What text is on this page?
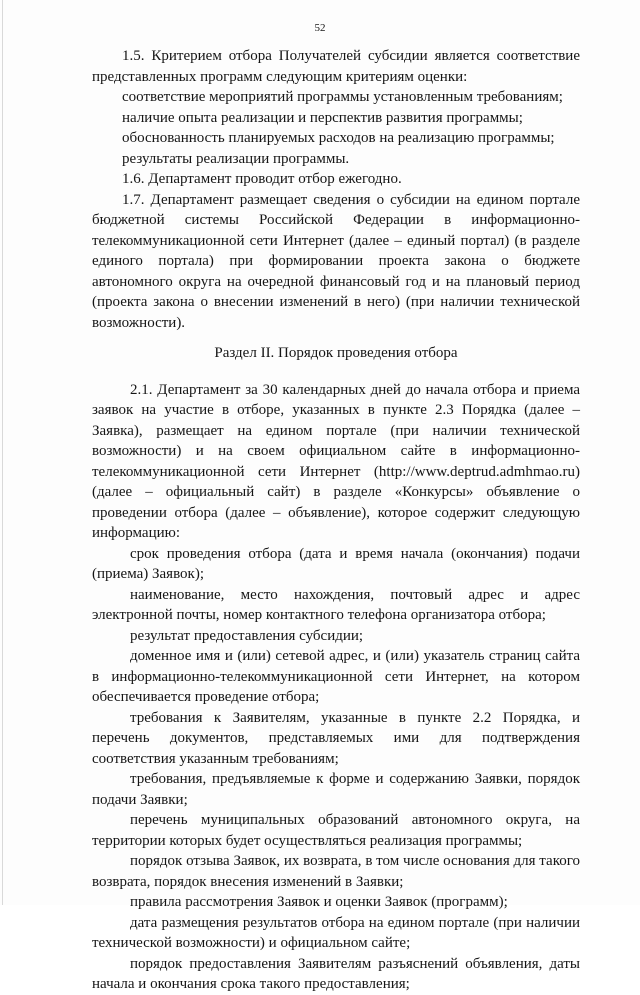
52

1.5. Критерием отбора Получателей субсидии является соответствие представленных программ следующим критериям оценки:

соответствие мероприятий программы установленным требованиям;

наличие опыта реализации и перспектив развития программы;

обоснованность планируемых расходов на реализацию программы;

результаты реализации программы.

1.6. Департамент проводит отбор ежегодно.

1.7. Департамент размещает сведения о субсидии на едином портале бюджетной системы Российской Федерации в информационно-телекоммуникационной сети Интернет (далее – единый портал) (в разделе единого портала) при формировании проекта закона о бюджете автономного округа на очередной финансовый год и на плановый период (проекта закона о внесении изменений в него) (при наличии технической возможности).

Раздел II. Порядок проведения отбора

2.1. Департамент за 30 календарных дней до начала отбора и приема заявок на участие в отборе, указанных в пункте 2.3 Порядка (далее – Заявка), размещает на едином портале (при наличии технической возможности) и на своем официальном сайте в информационно-телекоммуникационной сети Интернет (http://www.deptrud.admhmao.ru) (далее – официальный сайт) в разделе «Конкурсы» объявление о проведении отбора (далее – объявление), которое содержит следующую информацию:

срок проведения отбора (дата и время начала (окончания) подачи (приема) Заявок);

наименование, место нахождения, почтовый адрес и адрес электронной почты, номер контактного телефона организатора отбора;

результат предоставления субсидии;

доменное имя и (или) сетевой адрес, и (или) указатель страниц сайта в информационно-телекоммуникационной сети Интернет, на котором обеспечивается проведение отбора;

требования к Заявителям, указанные в пункте 2.2 Порядка, и перечень документов, представляемых ими для подтверждения соответствия указанным требованиям;

требования, предъявляемые к форме и содержанию Заявки, порядок подачи Заявки;

перечень муниципальных образований автономного округа, на территории которых будет осуществляться реализация программы;

порядок отзыва Заявок, их возврата, в том числе основания для такого возврата, порядок внесения изменений в Заявки;

правила рассмотрения Заявок и оценки Заявок (программ);

дата размещения результатов отбора на едином портале (при наличии технической возможности) и официальном сайте;

порядок предоставления Заявителям разъяснений объявления, даты начала и окончания срока такого предоставления;
